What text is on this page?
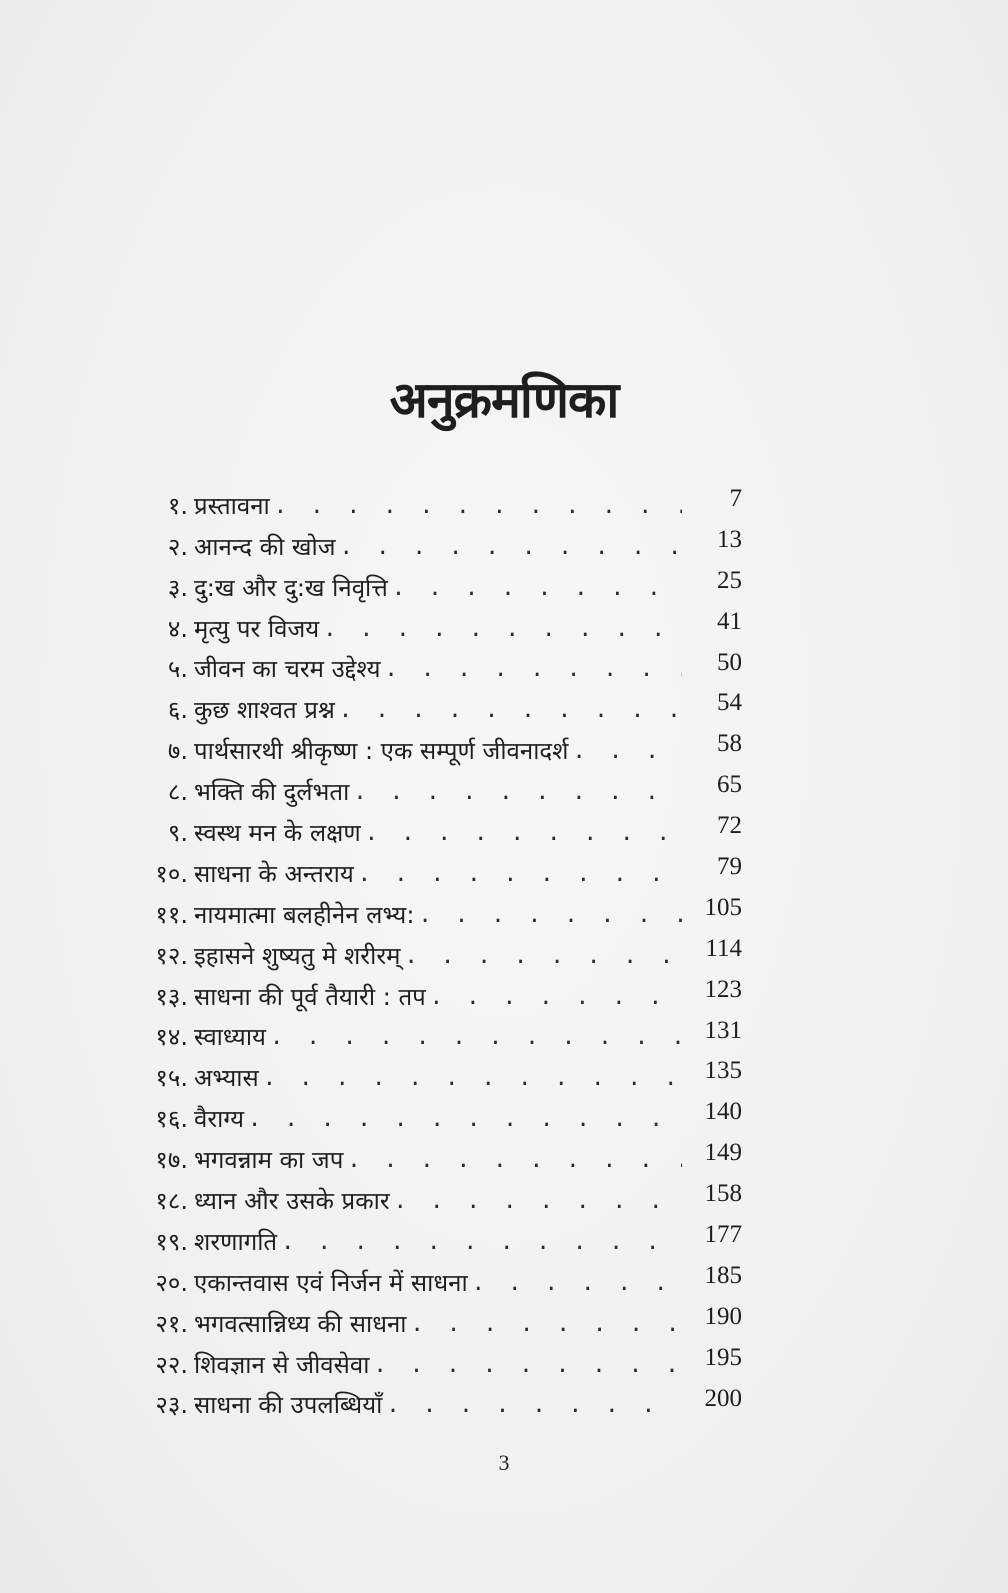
अनुक्रमणिका
१. प्रस्तावना . . .	7
२. आनन्द की खोज . . .	13
३. दु:ख और दु:ख निवृत्ति . . .	25
४. मृत्यु पर विजय . . .	41
५. जीवन का चरम उद्देश्य . . .	50
६. कुछ शाश्वत प्रश्न . . .	54
७. पार्थसारथी श्रीकृष्ण : एक सम्पूर्ण जीवनादर्श . . .	58
८. भक्ति की दुर्लभता . . .	65
९. स्वस्थ मन के लक्षण . . .	72
१०. साधना के अन्तराय . . .	79
११. नायमात्मा बलहीनेन लभ्य: . . .	105
१२. इहासने शुष्यतु मे शरीरम् . . .	114
१३. साधना की पूर्व तैयारी : तप . . .	123
१४. स्वाध्याय . . .	131
१५. अभ्यास . . .	135
१६. वैराग्य . . .	140
१७. भगवन्नाम का जप . . .	149
१८. ध्यान और उसके प्रकार . . .	158
१९. शरणागति . . .	177
२०. एकान्तवास एवं निर्जन में साधना . . .	185
२१. भगवत्सान्निध्य की साधना . . .	190
२२. शिवज्ञान से जीवसेवा . . .	195
२३. साधना की उपलब्धियाँ . . .	200
3
